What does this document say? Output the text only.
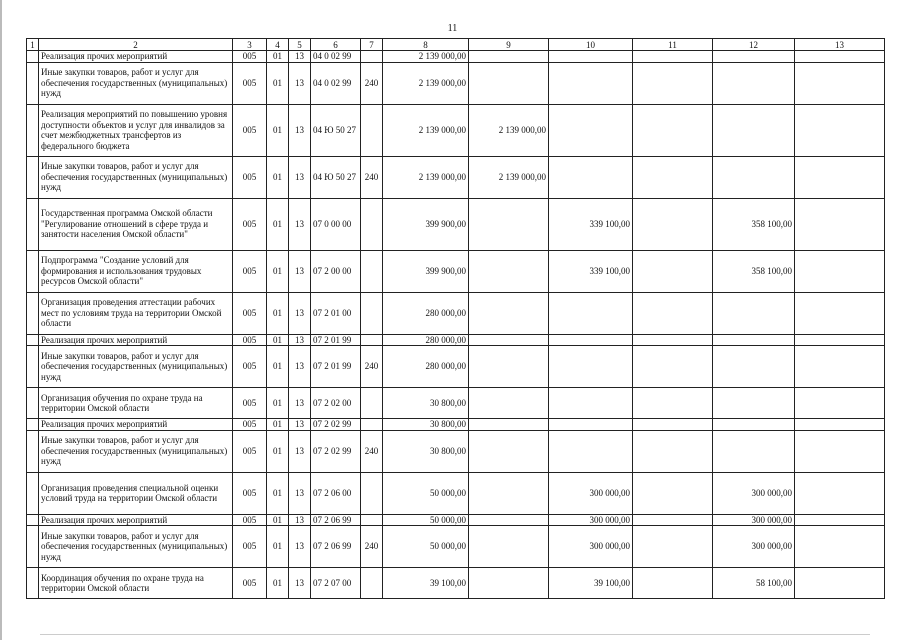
11
1	2	3	4	5	6	7	8	9	10	11	12	13
	Реализация прочих мероприятий	005	01	13	04 0 02 99		2 139 000,00					
	Иные закупки товаров, работ и услуг для обеспечения государственных (муниципальных) нужд	005	01	13	04 0 02 99	240	2 139 000,00					
	Реализация мероприятий по повышению уровня доступности объектов и услуг для инвалидов за счет межбюджетных трансфертов из федерального бюджета	005	01	13	04 Ю 50 27		2 139 000,00	2 139 000,00				
	Иные закупки товаров, работ и услуг для обеспечения государственных (муниципальных) нужд	005	01	13	04 Ю 50 27	240	2 139 000,00	2 139 000,00				
	Государственная программа Омской области "Регулирование отношений в сфере труда и занятости населения Омской области"	005	01	13	07 0 00 00		399 900,00		339 100,00		358 100,00	
	Подпрограмма "Создание условий для формирования и использования трудовых ресурсов Омской области"	005	01	13	07 2 00 00		399 900,00		339 100,00		358 100,00	
	Организация проведения аттестации рабочих мест по условиям труда на территории Омской области	005	01	13	07 2 01 00		280 000,00					
	Реализация прочих мероприятий	005	01	13	07 2 01 99		280 000,00					
	Иные закупки товаров, работ и услуг для обеспечения государственных (муниципальных) нужд	005	01	13	07 2 01 99	240	280 000,00					
	Организация обучения по охране труда на территории Омской области	005	01	13	07 2 02 00		30 800,00					
	Реализация прочих мероприятий	005	01	13	07 2 02 99		30 800,00					
	Иные закупки товаров, работ и услуг для обеспечения государственных (муниципальных) нужд	005	01	13	07 2 02 99	240	30 800,00					
	Организация проведения специальной оценки условий труда на территории Омской области	005	01	13	07 2 06 00		50 000,00		300 000,00		300 000,00	
	Реализация прочих мероприятий	005	01	13	07 2 06 99		50 000,00		300 000,00		300 000,00	
	Иные закупки товаров, работ и услуг для обеспечения государственных (муниципальных) нужд	005	01	13	07 2 06 99	240	50 000,00		300 000,00		300 000,00	
	Координация обучения по охране труда на территории Омской области	005	01	13	07 2 07 00		39 100,00		39 100,00		58 100,00	
